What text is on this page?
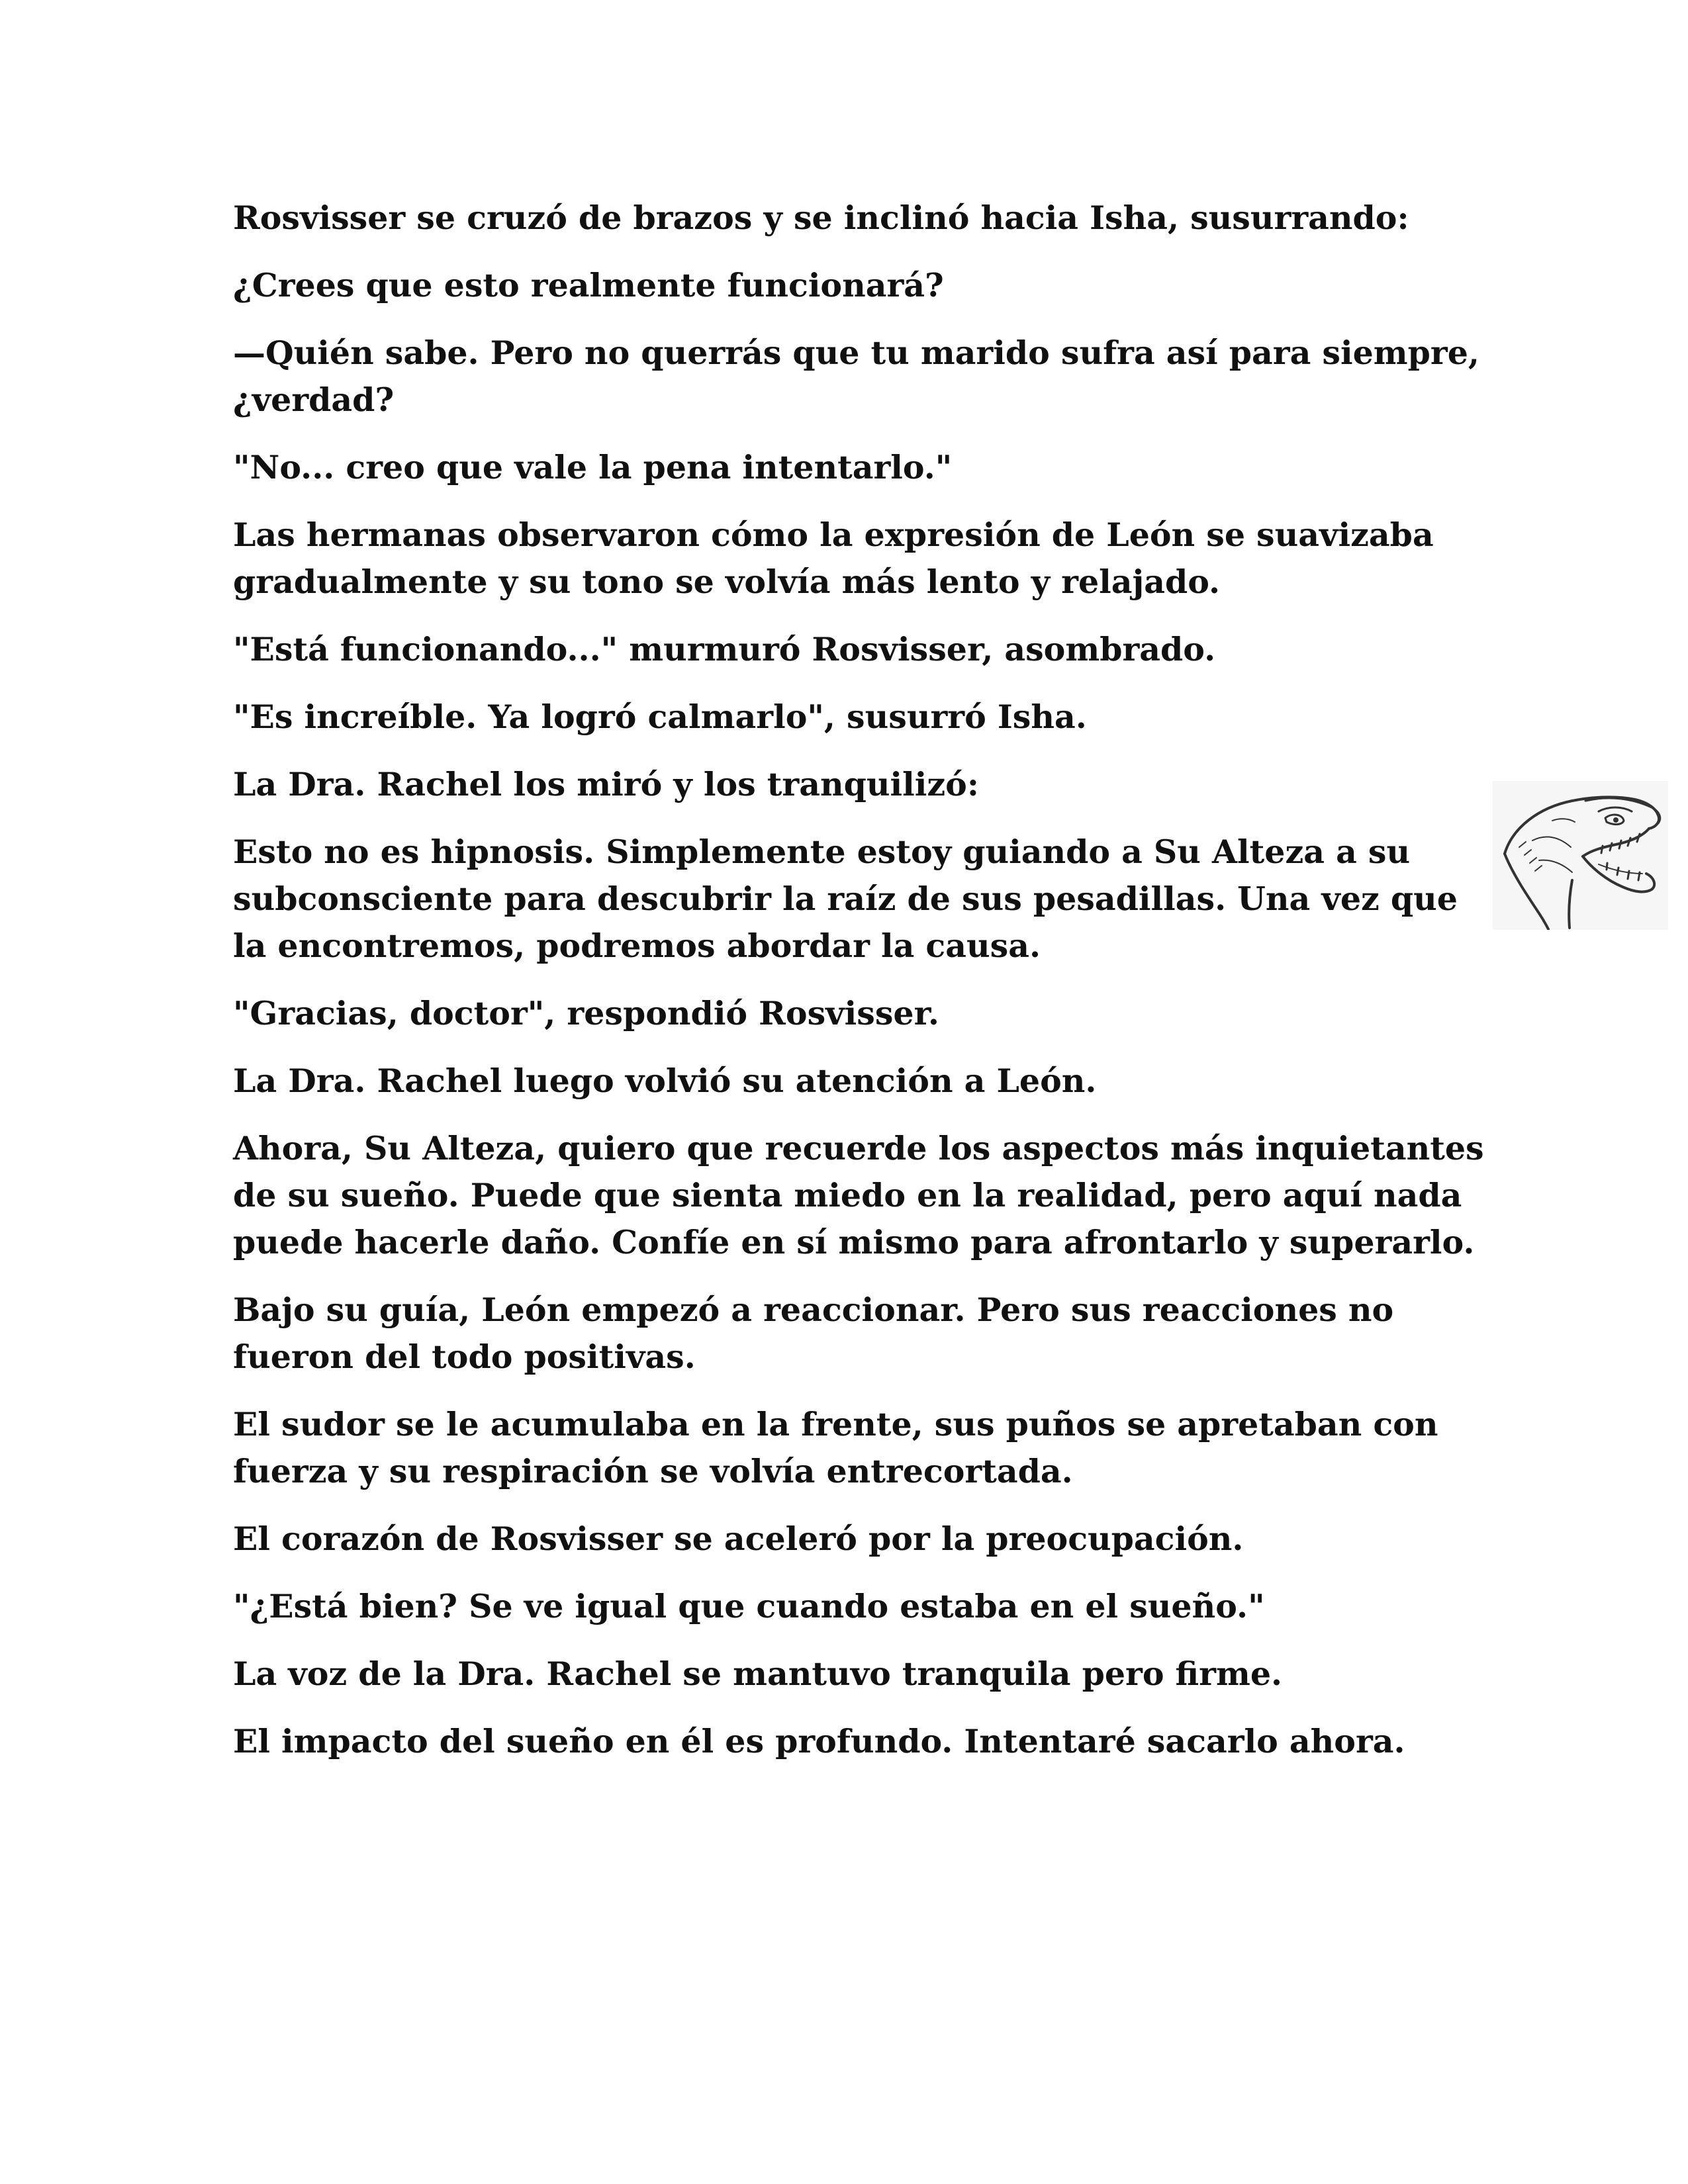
Rosvisser se cruzó de brazos y se inclinó hacia Isha, susurrando:

¿Crees que esto realmente funcionará?

—Quién sabe. Pero no querrás que tu marido sufra así para siempre, ¿verdad?

"No... creo que vale la pena intentarlo."

Las hermanas observaron cómo la expresión de León se suavizaba gradualmente y su tono se volvía más lento y relajado.

"Está funcionando..." murmuró Rosvisser, asombrado.

"Es increíble. Ya logró calmarlo", susurró Isha.

La Dra. Rachel los miró y los tranquilizó:

Esto no es hipnosis. Simplemente estoy guiando a Su Alteza a su subconsciente para descubrir la raíz de sus pesadillas. Una vez que la encontremos, podremos abordar la causa.

"Gracias, doctor", respondió Rosvisser.

La Dra. Rachel luego volvió su atención a León.

Ahora, Su Alteza, quiero que recuerde los aspectos más inquietantes de su sueño. Puede que sienta miedo en la realidad, pero aquí nada puede hacerle daño. Confíe en sí mismo para afrontarlo y superarlo.

Bajo su guía, León empezó a reaccionar. Pero sus reacciones no fueron del todo positivas.

El sudor se le acumulaba en la frente, sus puños se apretaban con fuerza y su respiración se volvía entrecortada.

El corazón de Rosvisser se aceleró por la preocupación.

"¿Está bien? Se ve igual que cuando estaba en el sueño."

La voz de la Dra. Rachel se mantuvo tranquila pero firme.

El impacto del sueño en él es profundo. Intentaré sacarlo ahora.
